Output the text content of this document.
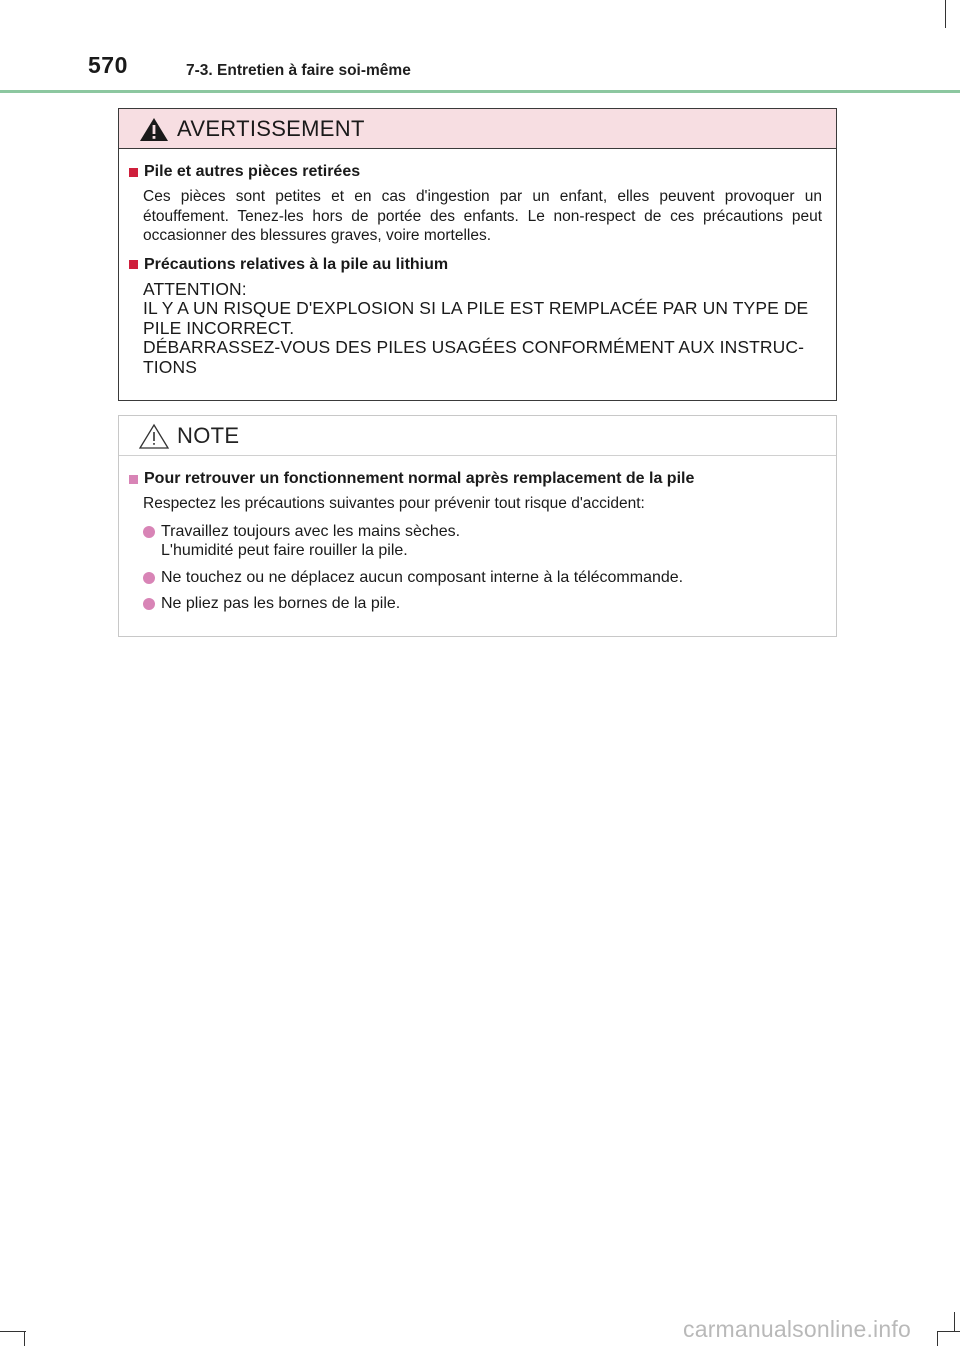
570	7-3. Entretien à faire soi-même
AVERTISSEMENT
Pile et autres pièces retirées
Ces pièces sont petites et en cas d'ingestion par un enfant, elles peuvent provoquer un étouffement. Tenez-les hors de portée des enfants. Le non-respect de ces précautions peut occasionner des blessures graves, voire mortelles.
Précautions relatives à la pile au lithium
ATTENTION:
IL Y A UN RISQUE D'EXPLOSION SI LA PILE EST REMPLACÉE PAR UN TYPE DE
PILE INCORRECT.
DÉBARRASSEZ-VOUS DES PILES USAGÉES CONFORMÉMENT AUX INSTRUC-
TIONS
NOTE
Pour retrouver un fonctionnement normal après remplacement de la pile
Respectez les précautions suivantes pour prévenir tout risque d'accident:
Travaillez toujours avec les mains sèches.
L'humidité peut faire rouiller la pile.
Ne touchez ou ne déplacez aucun composant interne à la télécommande.
Ne pliez pas les bornes de la pile.
carmanualsonline.info
